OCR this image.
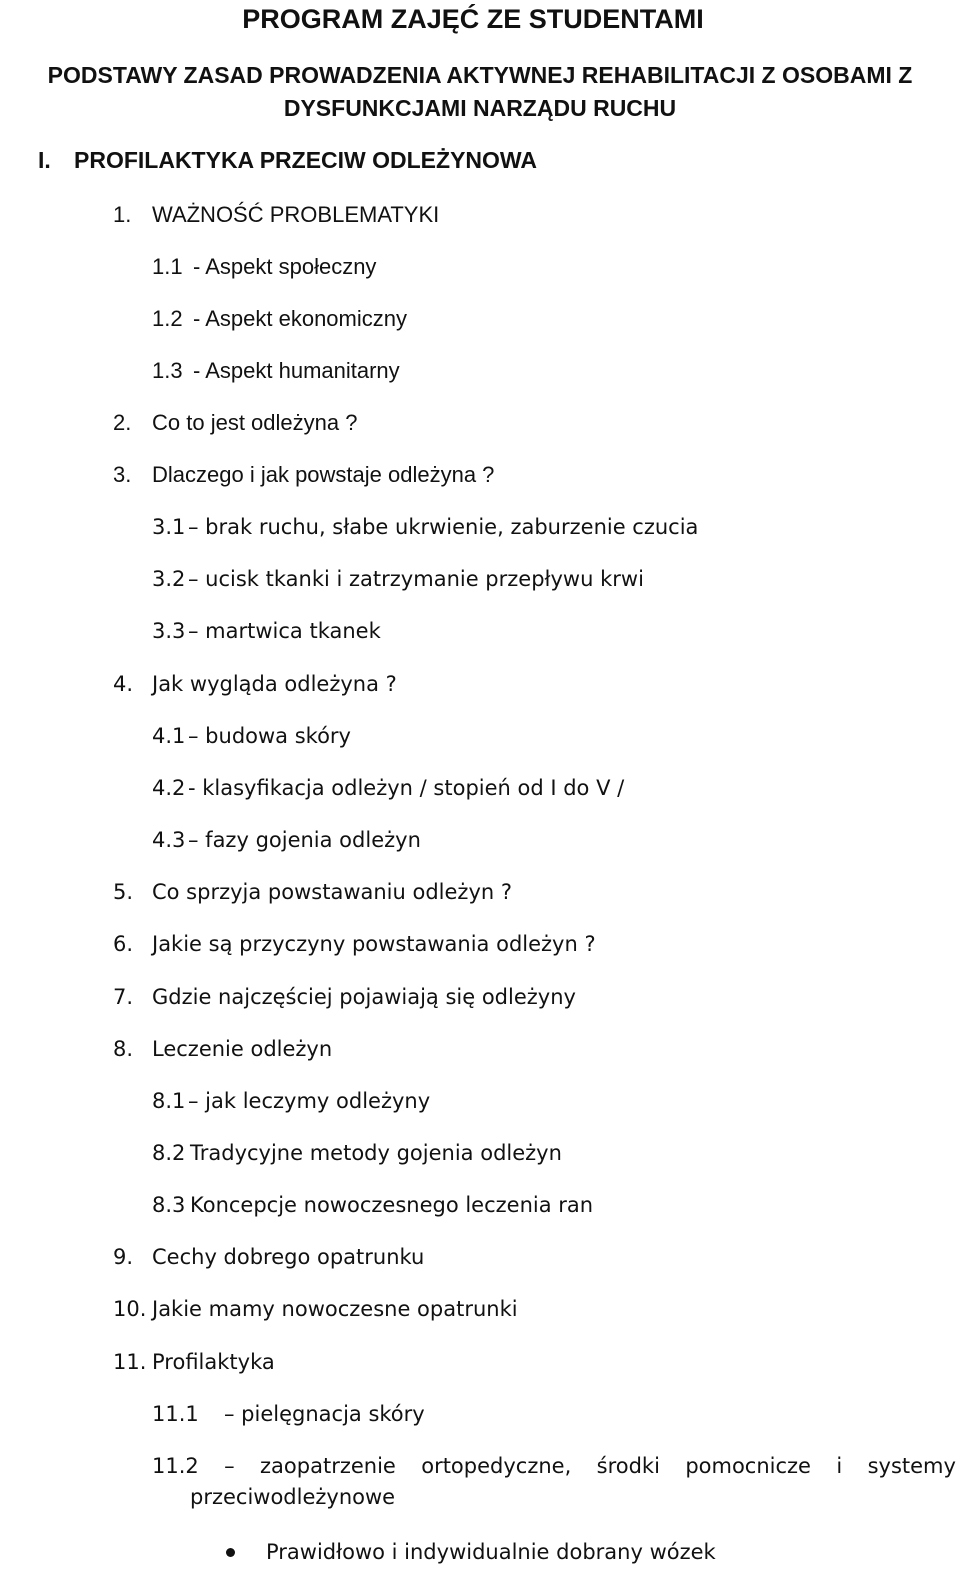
PROGRAM ZAJĘĆ ZE STUDENTAMI
PODSTAWY ZASAD PROWADZENIA AKTYWNEJ REHABILITACJI Z OSOBAMI Z
DYSFUNKCJAMI NARZĄDU RUCHU
I. PROFILAKTYKA PRZECIW ODLEŻYNOWA
1. WAŻNOŚĆ PROBLEMATYKI
1.1 - Aspekt społeczny
1.2 - Aspekt ekonomiczny
1.3 - Aspekt humanitarny
2. Co to jest odleżyna ?
3. Dlaczego i jak powstaje odleżyna ?
3.1 – brak ruchu, słabe ukrwienie, zaburzenie czucia
3.2 – ucisk tkanki i zatrzymanie przepływu krwi
3.3 – martwica tkanek
4. Jak wygląda odleżyna ?
4.1 – budowa skóry
4.2 - klasyfikacja odleżyn / stopień od I do V /
4.3 – fazy gojenia odleżyn
5. Co sprzyja powstawaniu odleżyn ?
6. Jakie są przyczyny powstawania odleżyn ?
7. Gdzie najczęściej pojawiają się odleżyny
8. Leczenie odleżyn
8.1 – jak leczymy odleżyny
8.2 Tradycyjne metody gojenia odleżyn
8.3 Koncepcje nowoczesnego leczenia ran
9. Cechy dobrego opatrunku
10. Jakie mamy nowoczesne opatrunki
11. Profilaktyka
11.1 – pielęgnacja skóry
11.2 – zaopatrzenie ortopedyczne, środki pomocnicze i systemy
przeciwodleżynowe
Prawidłowo i indywidualnie dobrany wózek
